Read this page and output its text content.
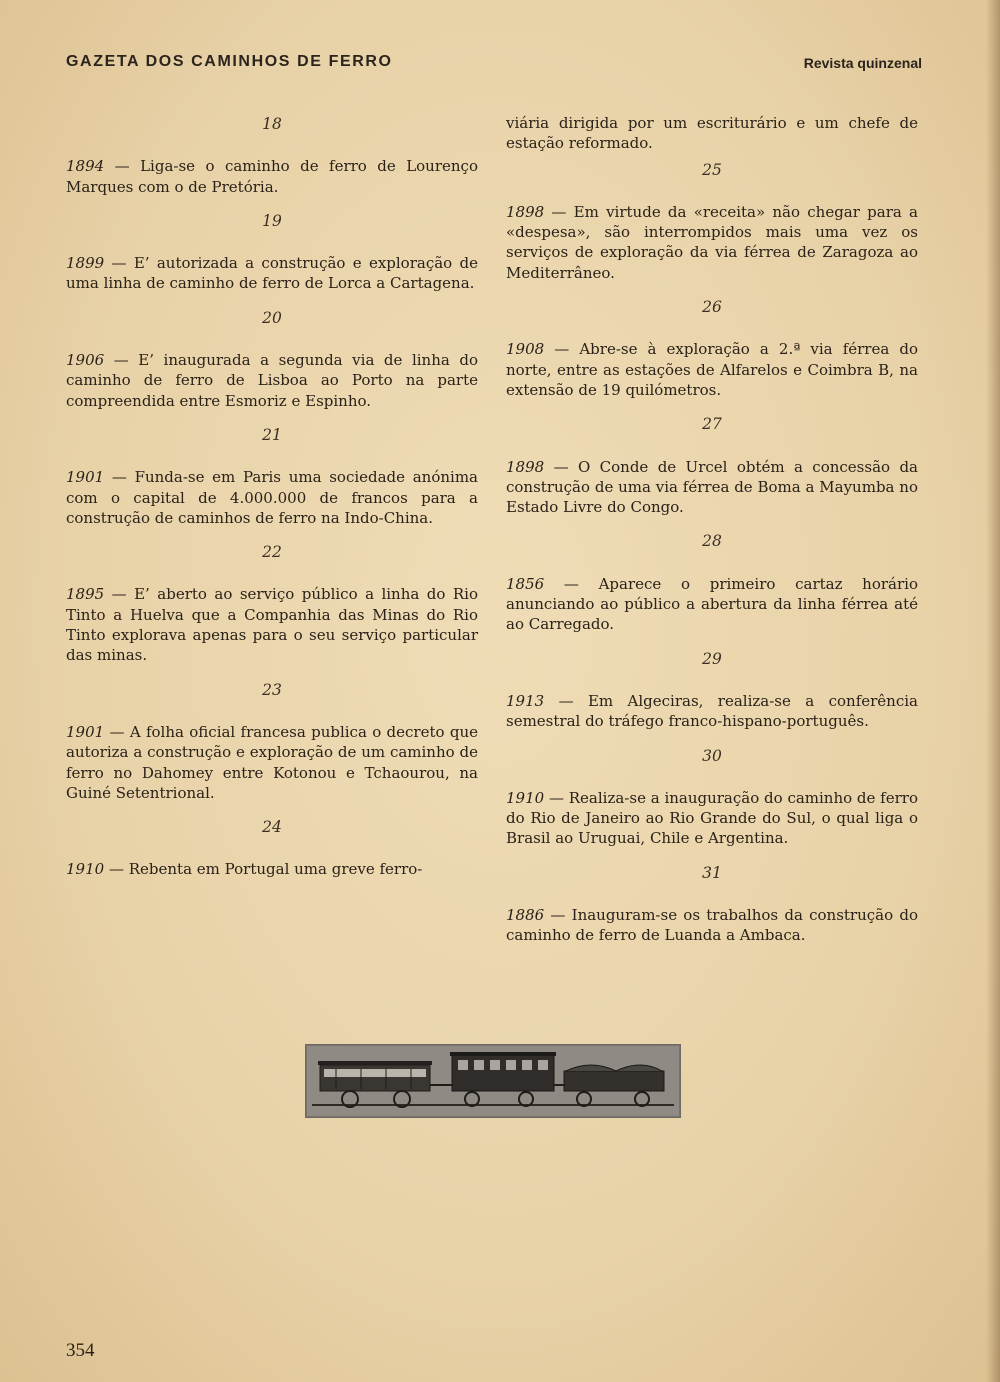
GAZETA DOS CAMINHOS DE FERRO	Revista quinzenal
18
1894 — Liga-se o caminho de ferro de Lourenço Marques com o de Pretória.
19
1899 — E’ autorizada a construção e exploração de uma linha de caminho de ferro de Lorca a Cartagena.
20
1906 — E’ inaugurada a segunda via de linha do caminho de ferro de Lisboa ao Porto na parte compreendida entre Esmoriz e Espinho.
21
1901 — Funda-se em Paris uma sociedade anónima com o capital de 4.000.000 de francos para a construção de caminhos de ferro na Indo-China.
22
1895 — E’ aberto ao serviço público a linha do Rio Tinto a Huelva que a Companhia das Minas do Rio Tinto explorava apenas para o seu serviço particular das minas.
23
1901 — A folha oficial francesa publica o decreto que autoriza a construção e exploração de um caminho de ferro no Dahomey entre Kotonou e Tchaourou, na Guiné Setentrional.
24
1910 — Rebenta em Portugal uma greve ferro-
viária dirigida por um escriturário e um chefe de estação reformado.
25
1898 — Em virtude da «receita» não chegar para a «despesa», são interrompidos mais uma vez os serviços de exploração da via férrea de Zaragoza ao Mediterrâneo.
26
1908 — Abre-se à exploração a 2.ª via férrea do norte, entre as estações de Alfarelos e Coimbra B, na extensão de 19 quilómetros.
27
1898 — O Conde de Urcel obtém a concessão da construção de uma via férrea de Boma a Mayumba no Estado Livre do Congo.
28
1856 — Aparece o primeiro cartaz horário anunciando ao público a abertura da linha férrea até ao Carregado.
29
1913 — Em Algeciras, realiza-se a conferência semestral do tráfego franco-hispano-português.
30
1910 — Realiza-se a inauguração do caminho de ferro do Rio de Janeiro ao Rio Grande do Sul, o qual liga o Brasil ao Uruguai, Chile e Argentina.
31
1886 — Inauguram-se os trabalhos da construção do caminho de ferro de Luanda a Ambaca.
354
